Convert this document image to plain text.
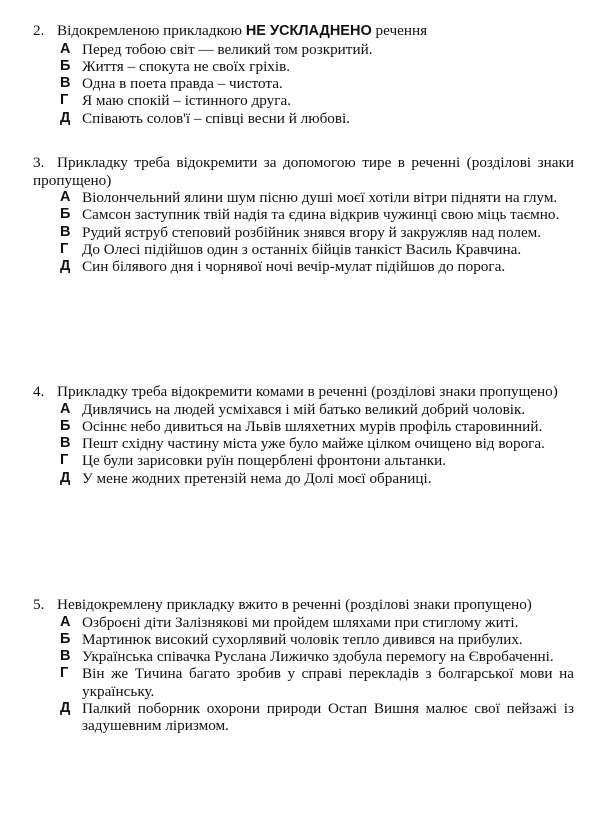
2. Відокремленою прикладкою НЕ УСКЛАДНЕНО речення
А Перед тобою світ — великий том розкритий.
Б Життя – спокута не своїх гріхів.
В Одна в поета правда – чистота.
Г Я маю спокій – істинного друга.
Д Співають солов'ї – співці весни й любові.
3. Прикладку треба відокремити за допомогою тире в реченні (розділові знаки пропущено)
А Віолончельний ялини шум пісню душі моєї хотіли вітри підняти на глум.
Б Самсон заступник твій надія та єдина відкрив чужинці свою міць таємно.
В Рудий яструб степовий розбійник знявся вгору й закружляв над полем.
Г До Олесі підійшов один з останніх бійців танкіст Василь Кравчина.
Д Син білявого дня і чорнявої ночі вечір-мулат підійшов до порога.
4. Прикладку треба відокремити комами в реченні (розділові знаки пропущено)
А Дивлячись на людей усміхався і мій батько великий добрий чоловік.
Б Осіннє небо дивиться на Львів шляхетних мурів профіль старовинний.
В Пешт східну частину міста уже було майже цілком очищено від ворога.
Г Це були зарисовки руїн пощерблені фронтони альтанки.
Д У мене жодних претензій нема до Долі моєї обраниці.
5. Невідокремлену прикладку вжито в реченні (розділові знаки пропущено)
А Озброєні діти Залізнякові ми пройдем шляхами при стиглому житі.
Б Мартинюк високий сухорлявий чоловік тепло дивився на прибулих.
В Українська співачка Руслана Лижичко здобула перемогу на Євробаченні.
Г Він же Тичина багато зробив у справі перекладів з болгарської мови на українську.
Д Палкий поборник охорони природи Остап Вишня малює свої пейзажі із задушевним ліризмом.
